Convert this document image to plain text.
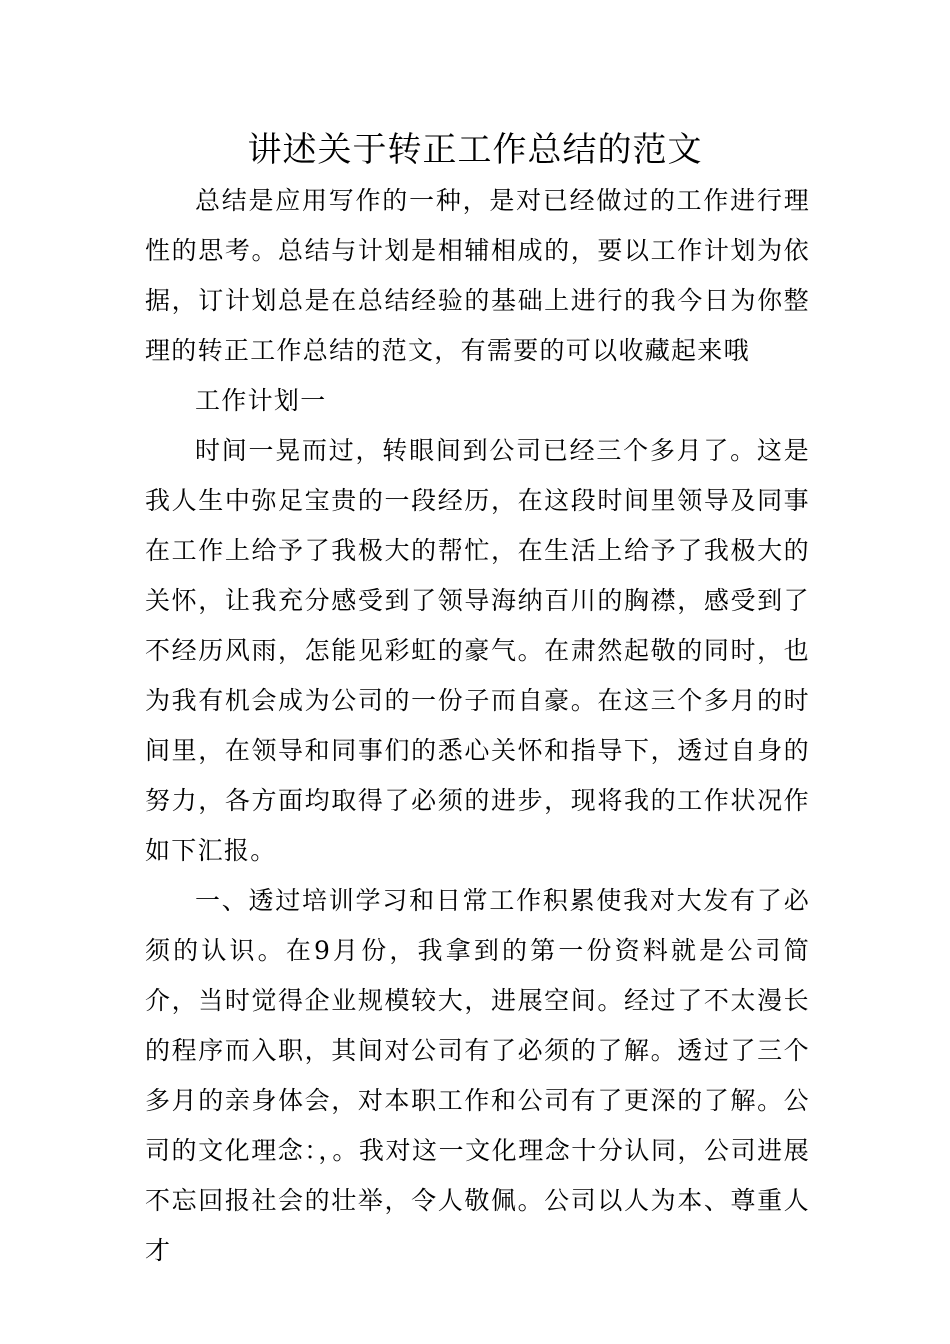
讲述关于转正工作总结的范文

总结是应用写作的一种，是对已经做过的工作进行理性的思考。总结与计划是相辅相成的，要以工作计划为依据，订计划总是在总结经验的基础上进行的我今日为你整理的转正工作总结的范文，有需要的可以收藏起来哦

工作计划一

时间一晃而过，转眼间到公司已经三个多月了。这是我人生中弥足宝贵的一段经历，在这段时间里领导及同事在工作上给予了我极大的帮忙，在生活上给予了我极大的关怀，让我充分感受到了领导海纳百川的胸襟，感受到了不经历风雨，怎能见彩虹的豪气。在肃然起敬的同时，也为我有机会成为公司的一份子而自豪。在这三个多月的时间里，在领导和同事们的悉心关怀和指导下，透过自身的努力，各方面均取得了必须的进步，现将我的工作状况作如下汇报。

一、透过培训学习和日常工作积累使我对大发有了必须的认识。在9月份，我拿到的第一份资料就是公司简介，当时觉得企业规模较大，进展空间。经过了不太漫长的程序而入职，其间对公司有了必须的了解。透过了三个多月的亲身体会，对本职工作和公司有了更深的了解。公司的文化理念：，。我对这一文化理念十分认同，公司进展不忘回报社会的壮举，令人敬佩。公司以人为本、尊重人才
